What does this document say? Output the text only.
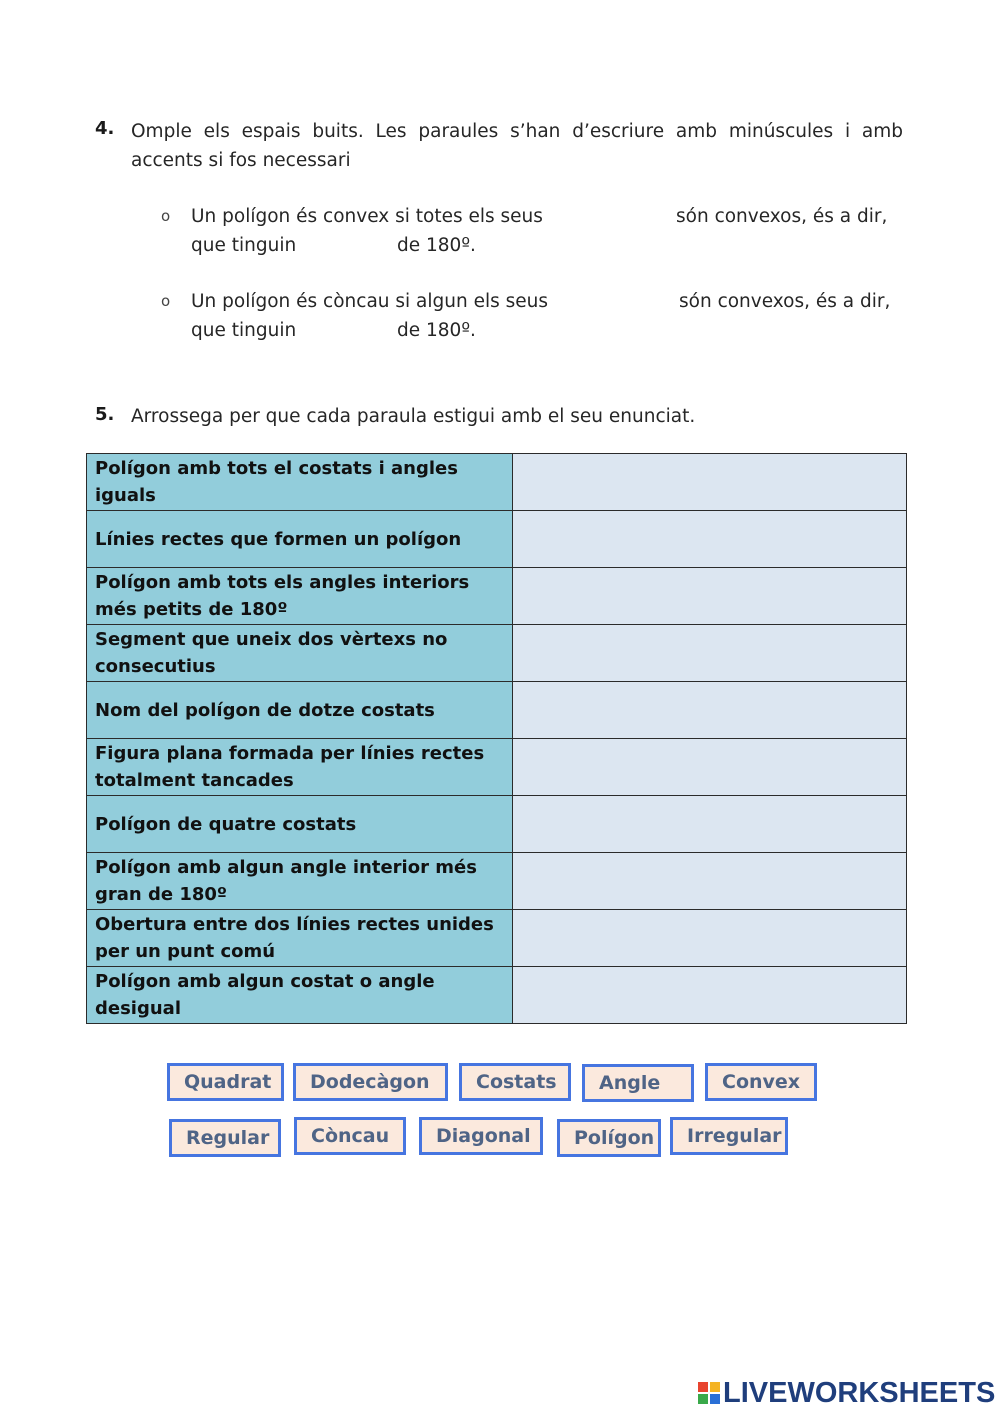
4. Omple els espais buits. Les paraules s’han d’escriure amb minúscules i amb
accents si fos necessari
o Un polígon és convex si totes els seus	són convexos, és a dir,
que tinguin	de 180º.
o Un polígon és còncau si algun els seus	són convexos, és a dir,
que tinguin	de 180º.
5. Arrossega per que cada paraula estigui amb el seu enunciat.
Polígon amb tots el costats i angles iguals	
Línies rectes que formen un polígon	
Polígon amb tots els angles interiors més petits de 180º	
Segment que uneix dos vèrtexs no consecutius	
Nom del polígon de dotze costats	
Figura plana formada per línies rectes totalment tancades	
Polígon de quatre costats	
Polígon amb algun angle interior més gran de 180º	
Obertura entre dos línies rectes unides per un punt comú	
Polígon amb algun costat o angle desigual	
Quadrat	Dodecàgon	Costats	Angle	Convex
Regular	Còncau	Diagonal	Polígon	Irregular
LIVEWORKSHEETS
